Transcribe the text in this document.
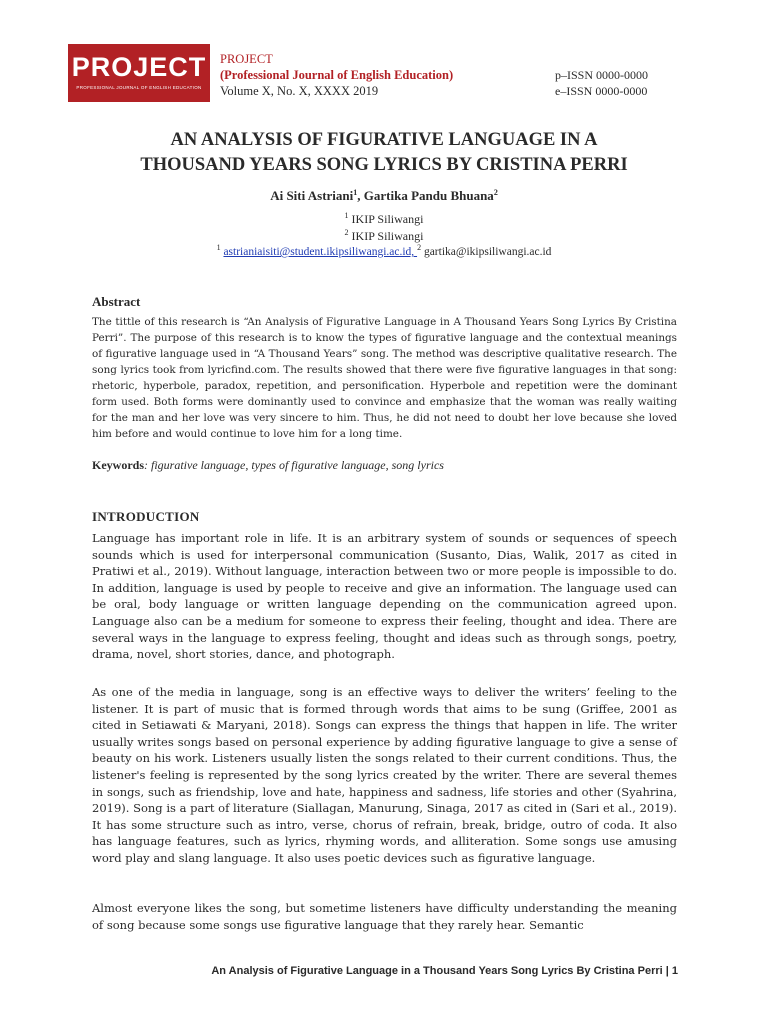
PROJECT
PROFESSIONAL JOURNAL OF ENGLISH EDUCATION
PROJECT
(Professional Journal of English Education)
Volume X, No. X, XXXX 2019
p–ISSN 0000-0000
e–ISSN 0000-0000
AN ANALYSIS OF FIGURATIVE LANGUAGE IN A
THOUSAND YEARS SONG LYRICS BY CRISTINA PERRI
Ai Siti Astriani$^1$, Gartika Pandu Bhuana$^2$
$^1$ IKIP Siliwangi
$^2$ IKIP Siliwangi
$^1$ astrianiaisiti@student.ikipsiliwangi.ac.id, $^2$ gartika@ikipsiliwangi.ac.id
Abstract
The tittle of this research is “An Analysis of Figurative Language in A Thousand Years Song Lyrics By Cristina Perri”. The purpose of this research is to know the types of figurative language and the contextual meanings of figurative language used in “A Thousand Years” song. The method was descriptive qualitative research. The song lyrics took from lyricfind.com. The results showed that there were five figurative languages in that song: rhetoric, hyperbole, paradox, repetition, and personification. Hyperbole and repetition were the dominant form used. Both forms were dominantly used to convince and emphasize that the woman was really waiting for the man and her love was very sincere to him. Thus, he did not need to doubt her love because she loved him before and would continue to love him for a long time.
Keywords: figurative language, types of figurative language, song lyrics
INTRODUCTION
Language has important role in life. It is an arbitrary system of sounds or sequences of speech sounds which is used for interpersonal communication (Susanto, Dias, Walik, 2017 as cited in Pratiwi et al., 2019). Without language, interaction between two or more people is impossible to do. In addition, language is used by people to receive and give an information. The language used can be oral, body language or written language depending on the communication agreed upon. Language also can be a medium for someone to express their feeling, thought and idea. There are several ways in the language to express feeling, thought and ideas such as through songs, poetry, drama, novel, short stories, dance, and photograph.
As one of the media in language, song is an effective ways to deliver the writers’ feeling to the listener. It is part of music that is formed through words that aims to be sung (Griffee, 2001 as cited in Setiawati & Maryani, 2018). Songs can express the things that happen in life. The writer usually writes songs based on personal experience by adding figurative language to give a sense of beauty on his work. Listeners usually listen the songs related to their current conditions. Thus, the listener's feeling is represented by the song lyrics created by the writer. There are several themes in songs, such as friendship, love and hate, happiness and sadness, life stories and other (Syahrina, 2019). Song is a part of literature (Siallagan, Manurung, Sinaga, 2017 as cited in (Sari et al., 2019). It has some structure such as intro, verse, chorus of refrain, break, bridge, outro of coda. It also has language features, such as lyrics, rhyming words, and alliteration. Some songs use amusing word play and slang language. It also uses poetic devices such as figurative language.
Almost everyone likes the song, but sometime listeners have difficulty understanding the meaning of song because some songs use figurative language that they rarely hear. Semantic
An Analysis of Figurative Language in a Thousand Years Song Lyrics By Cristina Perri | 1
